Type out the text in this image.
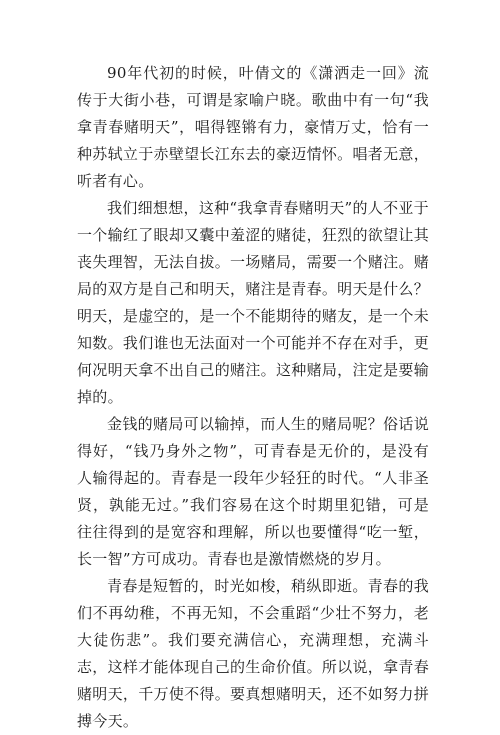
90年代初的时候，叶倩文的《潇洒走一回》流传于大街小巷，可谓是家喻户晓。歌曲中有一句“我拿青春赌明天”，唱得铿锵有力，豪情万丈，恰有一种苏轼立于赤壁望长江东去的豪迈情怀。唱者无意，听者有心。

我们细想想，这种“我拿青春赌明天”的人不亚于一个输红了眼却又囊中羞涩的赌徒，狂烈的欲望让其丧失理智，无法自拔。一场赌局，需要一个赌注。赌局的双方是自己和明天，赌注是青春。明天是什么？明天，是虚空的，是一个不能期待的赌友，是一个未知数。我们谁也无法面对一个可能并不存在对手，更何况明天拿不出自己的赌注。这种赌局，注定是要输掉的。

金钱的赌局可以输掉，而人生的赌局呢？俗话说得好，“钱乃身外之物”，可青春是无价的，是没有人输得起的。青春是一段年少轻狂的时代。“人非圣贤，孰能无过。”我们容易在这个时期里犯错，可是往往得到的是宽容和理解，所以也要懂得“吃一堑，长一智”方可成功。青春也是激情燃烧的岁月。

青春是短暂的，时光如梭，稍纵即逝。青春的我们不再幼稚，不再无知，不会重蹈“少壮不努力，老大徒伤悲”。我们要充满信心，充满理想，充满斗志，这样才能体现自己的生命价值。所以说，拿青春赌明天，千万使不得。要真想赌明天，还不如努力拼搏今天。
